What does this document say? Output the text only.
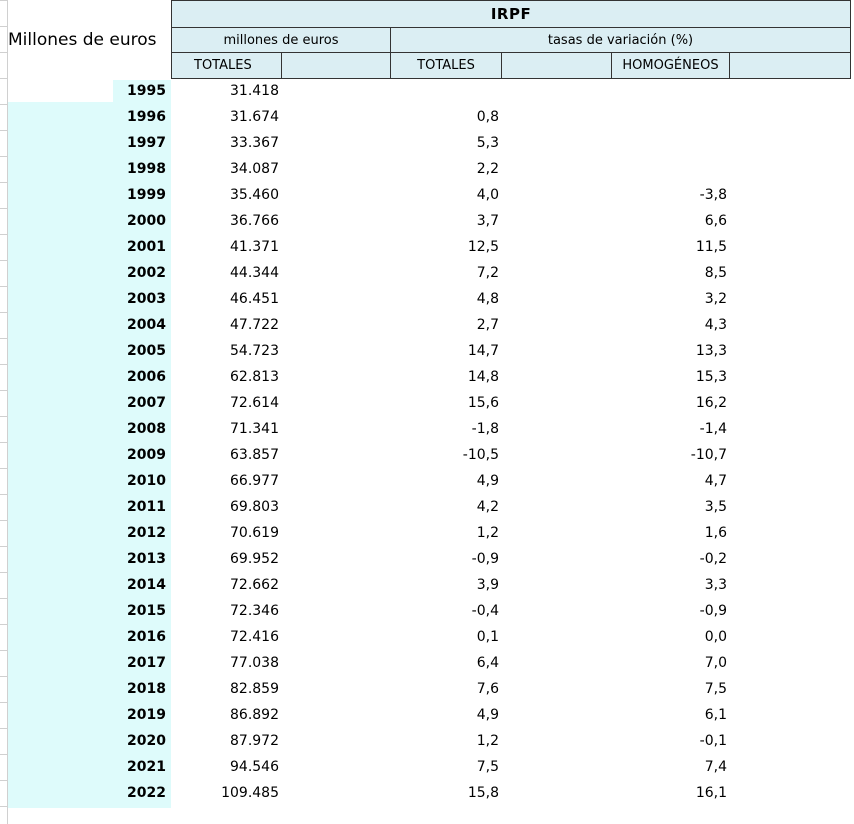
Millones de euros
IRPF
millones de euros	tasas de variación (%)
TOTALES	TOTALES	HOMOGÉNEOS
1995	31.418
1996	31.674	0,8
1997	33.367	5,3
1998	34.087	2,2
1999	35.460	4,0	-3,8
2000	36.766	3,7	6,6
2001	41.371	12,5	11,5
2002	44.344	7,2	8,5
2003	46.451	4,8	3,2
2004	47.722	2,7	4,3
2005	54.723	14,7	13,3
2006	62.813	14,8	15,3
2007	72.614	15,6	16,2
2008	71.341	-1,8	-1,4
2009	63.857	-10,5	-10,7
2010	66.977	4,9	4,7
2011	69.803	4,2	3,5
2012	70.619	1,2	1,6
2013	69.952	-0,9	-0,2
2014	72.662	3,9	3,3
2015	72.346	-0,4	-0,9
2016	72.416	0,1	0,0
2017	77.038	6,4	7,0
2018	82.859	7,6	7,5
2019	86.892	4,9	6,1
2020	87.972	1,2	-0,1
2021	94.546	7,5	7,4
2022	109.485	15,8	16,1
